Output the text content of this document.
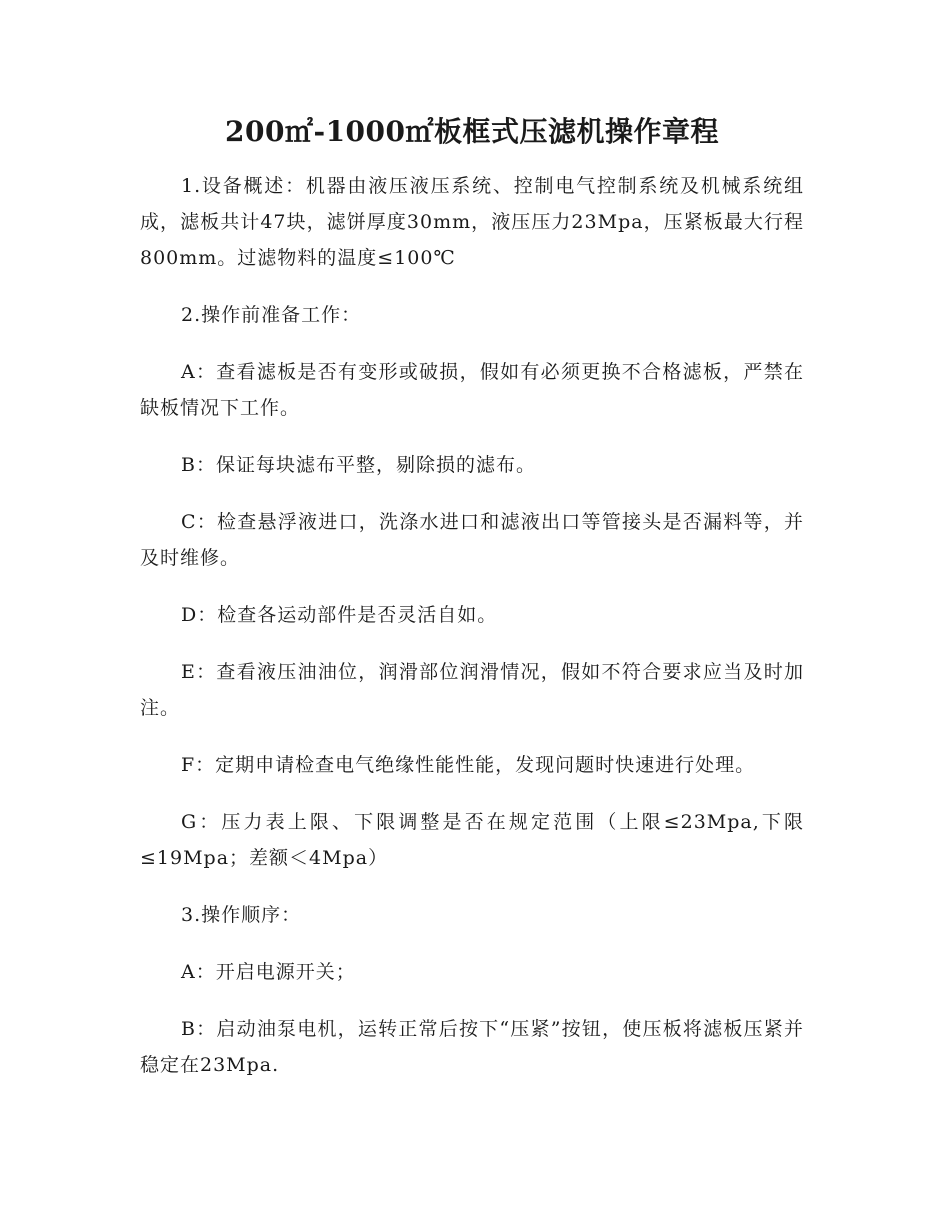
200㎡-1000㎡板框式压滤机操作章程

1.设备概述：机器由液压液压系统、控制电气控制系统及机械系统组成，滤板共计47块，滤饼厚度30mm，液压压力23Mpa，压紧板最大行程800mm。过滤物料的温度≤100℃

2.操作前准备工作：

A：查看滤板是否有变形或破损，假如有必须更换不合格滤板，严禁在缺板情况下工作。

B：保证每块滤布平整，剔除损的滤布。

C：检查悬浮液进口，洗涤水进口和滤液出口等管接头是否漏料等，并及时维修。

D：检查各运动部件是否灵活自如。

E：查看液压油油位，润滑部位润滑情况，假如不符合要求应当及时加注。

F：定期申请检查电气绝缘性能性能，发现问题时快速进行处理。

G：压力表上限、下限调整是否在规定范围（上限≤23Mpa,下限≤19Mpa；差额＜4Mpa）

3.操作顺序：

A：开启电源开关；

B：启动油泵电机，运转正常后按下“压紧”按钮，使压板将滤板压紧并稳定在23Mpa.
